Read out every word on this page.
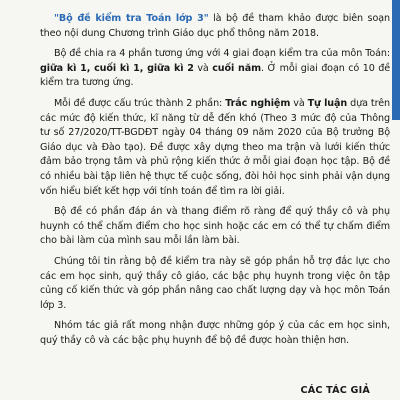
"Bộ đề kiểm tra Toán lớp 3" là bộ đề tham khảo được biên soạn theo nội dung Chương trình Giáo dục phổ thông năm 2018.

Bộ đề chia ra 4 phần tương ứng với 4 giai đoạn kiểm tra của môn Toán: giữa kì 1, cuối kì 1, giữa kì 2 và cuối năm. Ở mỗi giai đoạn có 10 đề kiểm tra tương ứng.

Mỗi đề được cấu trúc thành 2 phần: Trắc nghiệm và Tự luận dựa trên các mức độ kiến thức, kĩ năng từ dễ đến khó (Theo 3 mức độ của Thông tư số 27/2020/TT-BGDĐT ngày 04 tháng 09 năm 2020 của Bộ trưởng Bộ Giáo dục và Đào tạo). Đề được xây dựng theo ma trận và lưới kiến thức đảm bảo trọng tâm và phủ rộng kiến thức ở mỗi giai đoạn học tập. Bộ đề có nhiều bài tập liên hệ thực tế cuộc sống, đòi hỏi học sinh phải vận dụng vốn hiểu biết kết hợp với tính toán để tìm ra lời giải.

Bộ đề có phần đáp án và thang điểm rõ ràng để quý thầy cô và phụ huynh có thể chấm điểm cho học sinh hoặc các em có thể tự chấm điểm cho bài làm của mình sau mỗi lần làm bài.

Chúng tôi tin rằng bộ đề kiểm tra này sẽ góp phần hỗ trợ đắc lực cho các em học sinh, quý thầy cô giáo, các bậc phụ huynh trong việc ôn tập củng cố kiến thức và góp phần nâng cao chất lượng dạy và học môn Toán lớp 3.

Nhóm tác giả rất mong nhận được những góp ý của các em học sinh, quý thầy cô và các bậc phụ huynh để bộ đề được hoàn thiện hơn.

CÁC TÁC GIẢ
